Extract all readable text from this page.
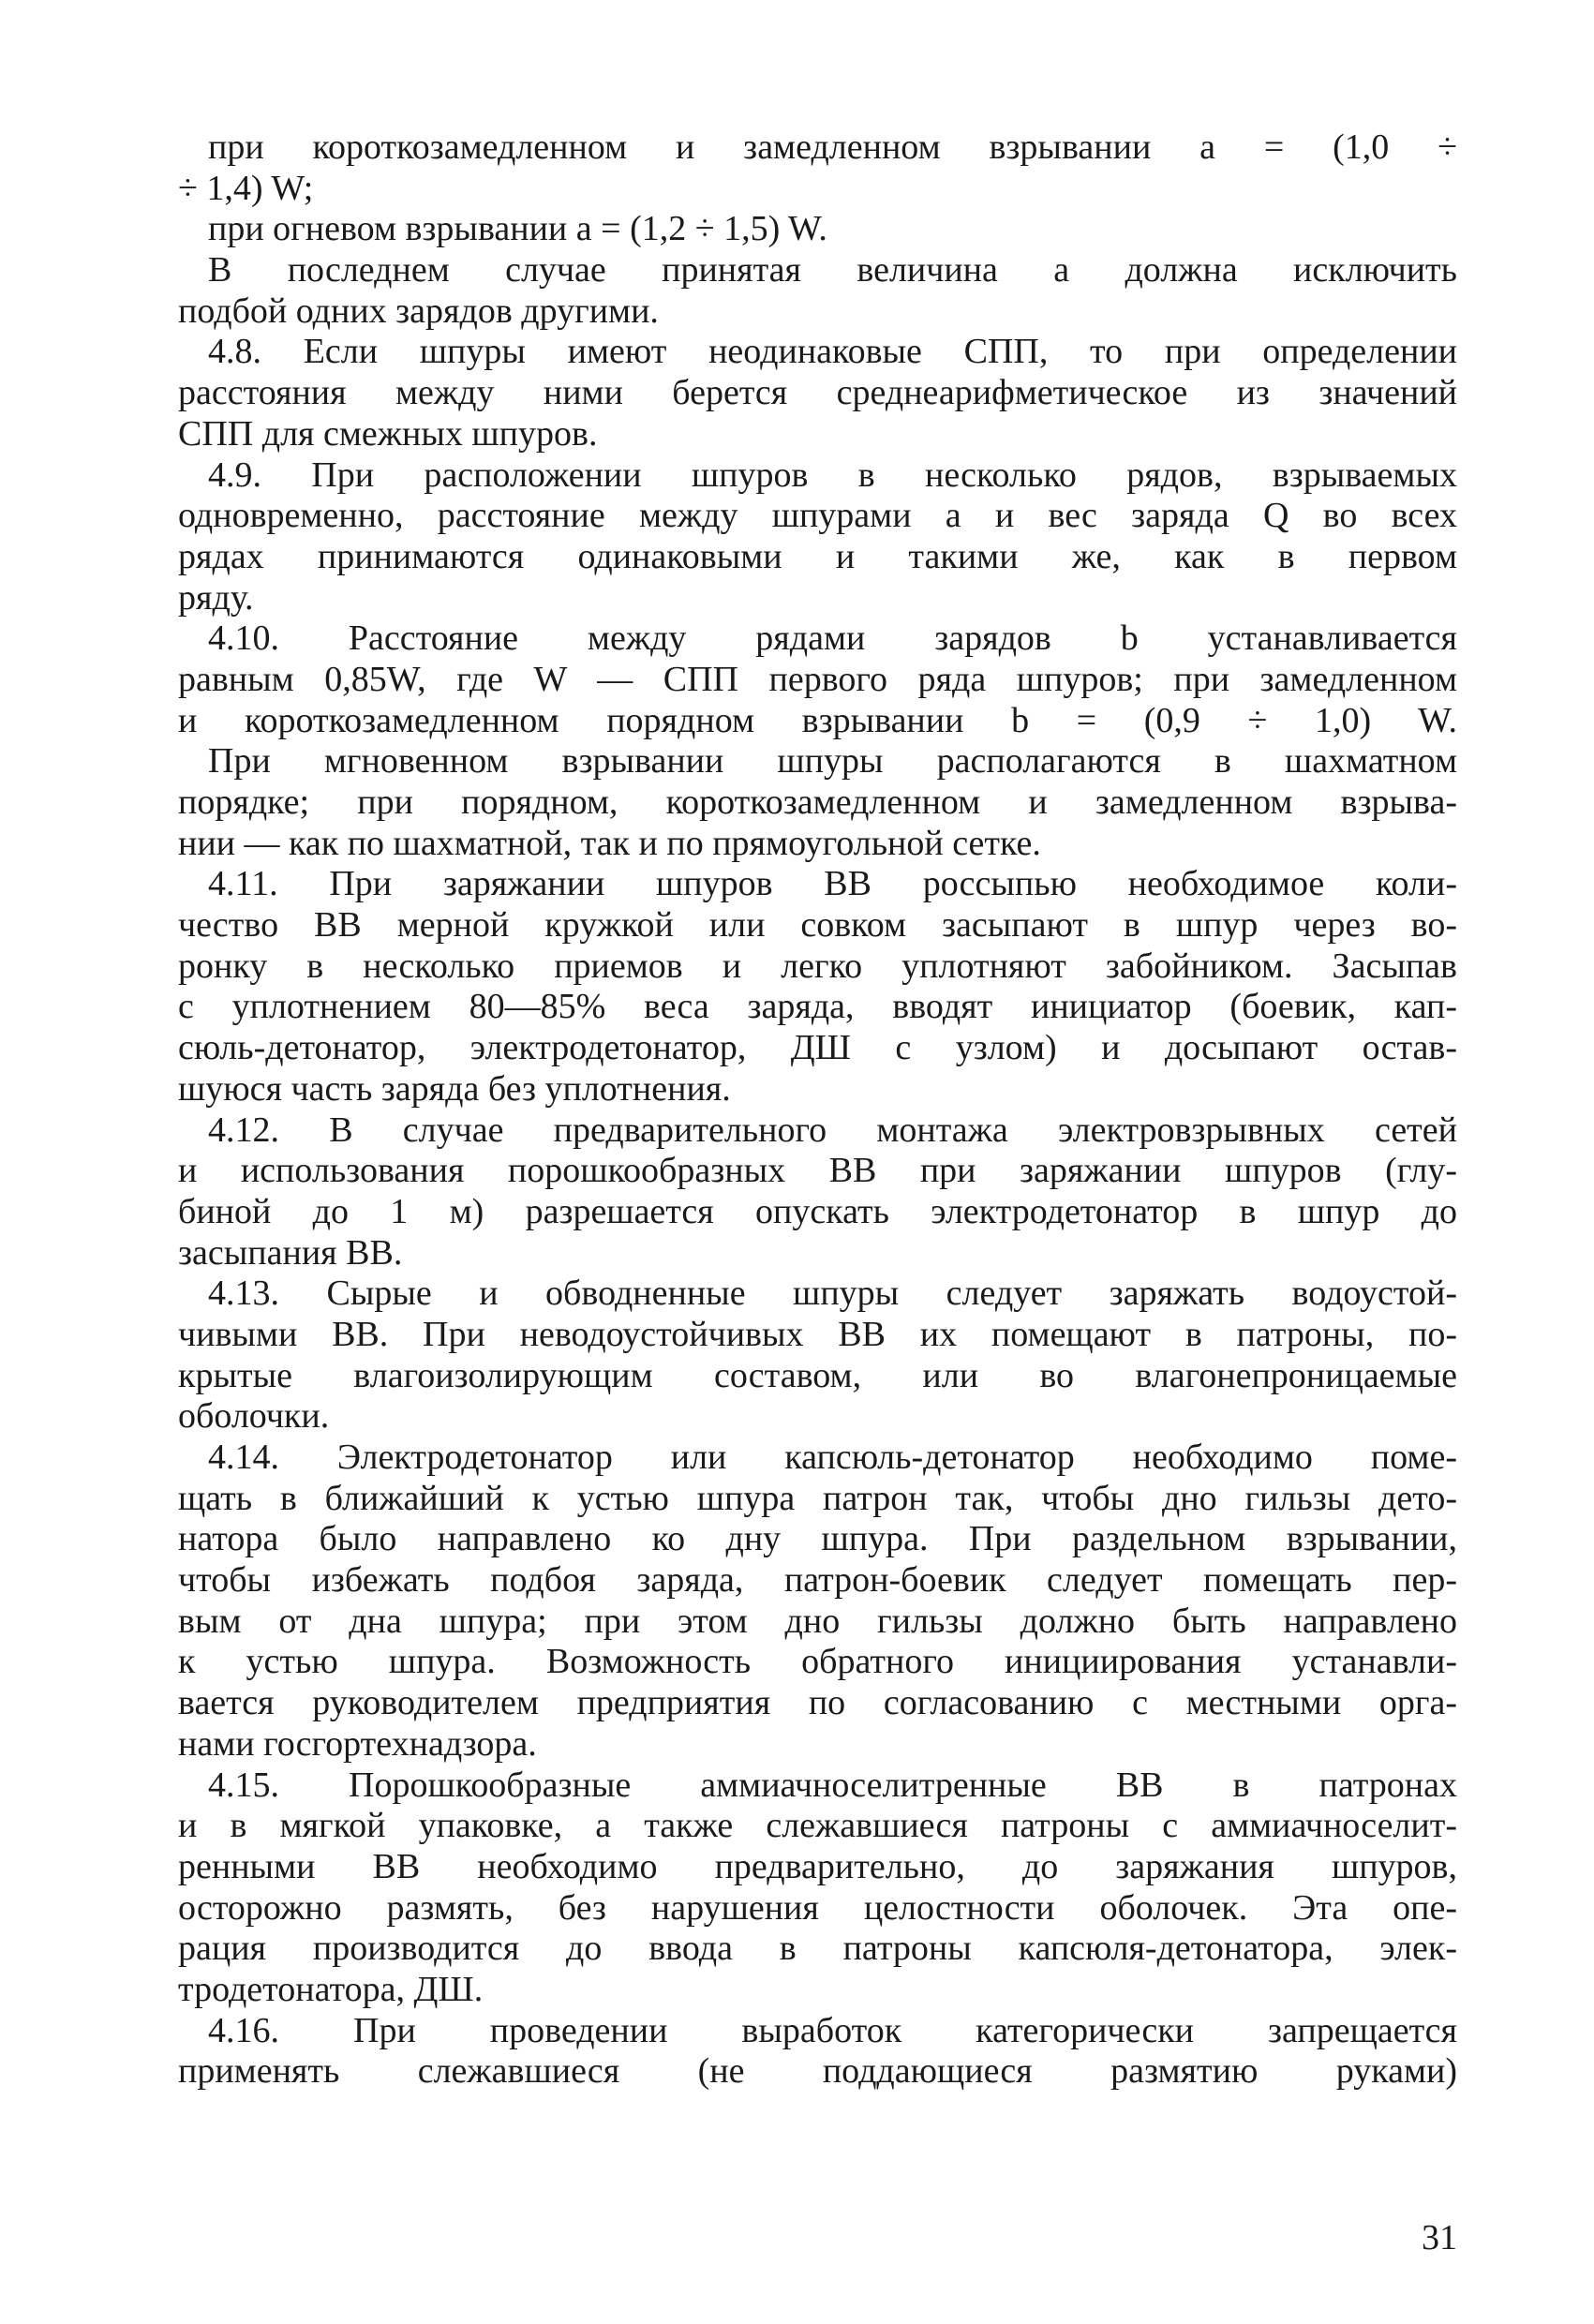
при короткозамедленном и замедленном взрывании a = (1,0 ÷
÷ 1,4) W;
при огневом взрывании a = (1,2 ÷ 1,5) W.
В последнем случае принятая величина a должна исключить
подбой одних зарядов другими.
4.8. Если шпуры имеют неодинаковые СПП, то при определении
расстояния между ними берется среднеарифметическое из значений
СПП для смежных шпуров.
4.9. При расположении шпуров в несколько рядов, взрываемых
одновременно, расстояние между шпурами a и вес заряда Q во всех
рядах принимаются одинаковыми и такими же, как в первом
ряду.
4.10. Расстояние между рядами зарядов b устанавливается
равным 0,85W, где W — СПП первого ряда шпуров; при замедленном
и короткозамедленном порядном взрывании b = (0,9 ÷ 1,0) W.
При мгновенном взрывании шпуры располагаются в шахматном
порядке; при порядном, короткозамедленном и замедленном взрыва-
нии — как по шахматной, так и по прямоугольной сетке.
4.11. При заряжании шпуров ВВ россыпью необходимое коли-
чество ВВ мерной кружкой или совком засыпают в шпур через во-
ронку в несколько приемов и легко уплотняют забойником. Засыпав
с уплотнением 80—85% веса заряда, вводят инициатор (боевик, кап-
сюль-детонатор, электродетонатор, ДШ с узлом) и досыпают остав-
шуюся часть заряда без уплотнения.
4.12. В случае предварительного монтажа электровзрывных сетей
и использования порошкообразных ВВ при заряжании шпуров (глу-
биной до 1 м) разрешается опускать электродетонатор в шпур до
засыпания ВВ.
4.13. Сырые и обводненные шпуры следует заряжать водоустой-
чивыми ВВ. При неводоустойчивых ВВ их помещают в патроны, по-
крытые влагоизолирующим составом, или во влагонепроницаемые
оболочки.
4.14. Электродетонатор или капсюль-детонатор необходимо поме-
щать в ближайший к устью шпура патрон так, чтобы дно гильзы дето-
натора было направлено ко дну шпура. При раздельном взрывании,
чтобы избежать подбоя заряда, патрон-боевик следует помещать пер-
вым от дна шпура; при этом дно гильзы должно быть направлено
к устью шпура. Возможность обратного инициирования устанавли-
вается руководителем предприятия по согласованию с местными орга-
нами госгортехнадзора.
4.15. Порошкообразные аммиачноселитренные ВВ в патронах
и в мягкой упаковке, а также слежавшиеся патроны с аммиачноселит-
ренными ВВ необходимо предварительно, до заряжания шпуров,
осторожно размять, без нарушения целостности оболочек. Эта опе-
рация производится до ввода в патроны капсюля-детонатора, элек-
тродетонатора, ДШ.
4.16. При проведении выработок категорически запрещается
применять слежавшиеся (не поддающиеся размятию руками)
31
